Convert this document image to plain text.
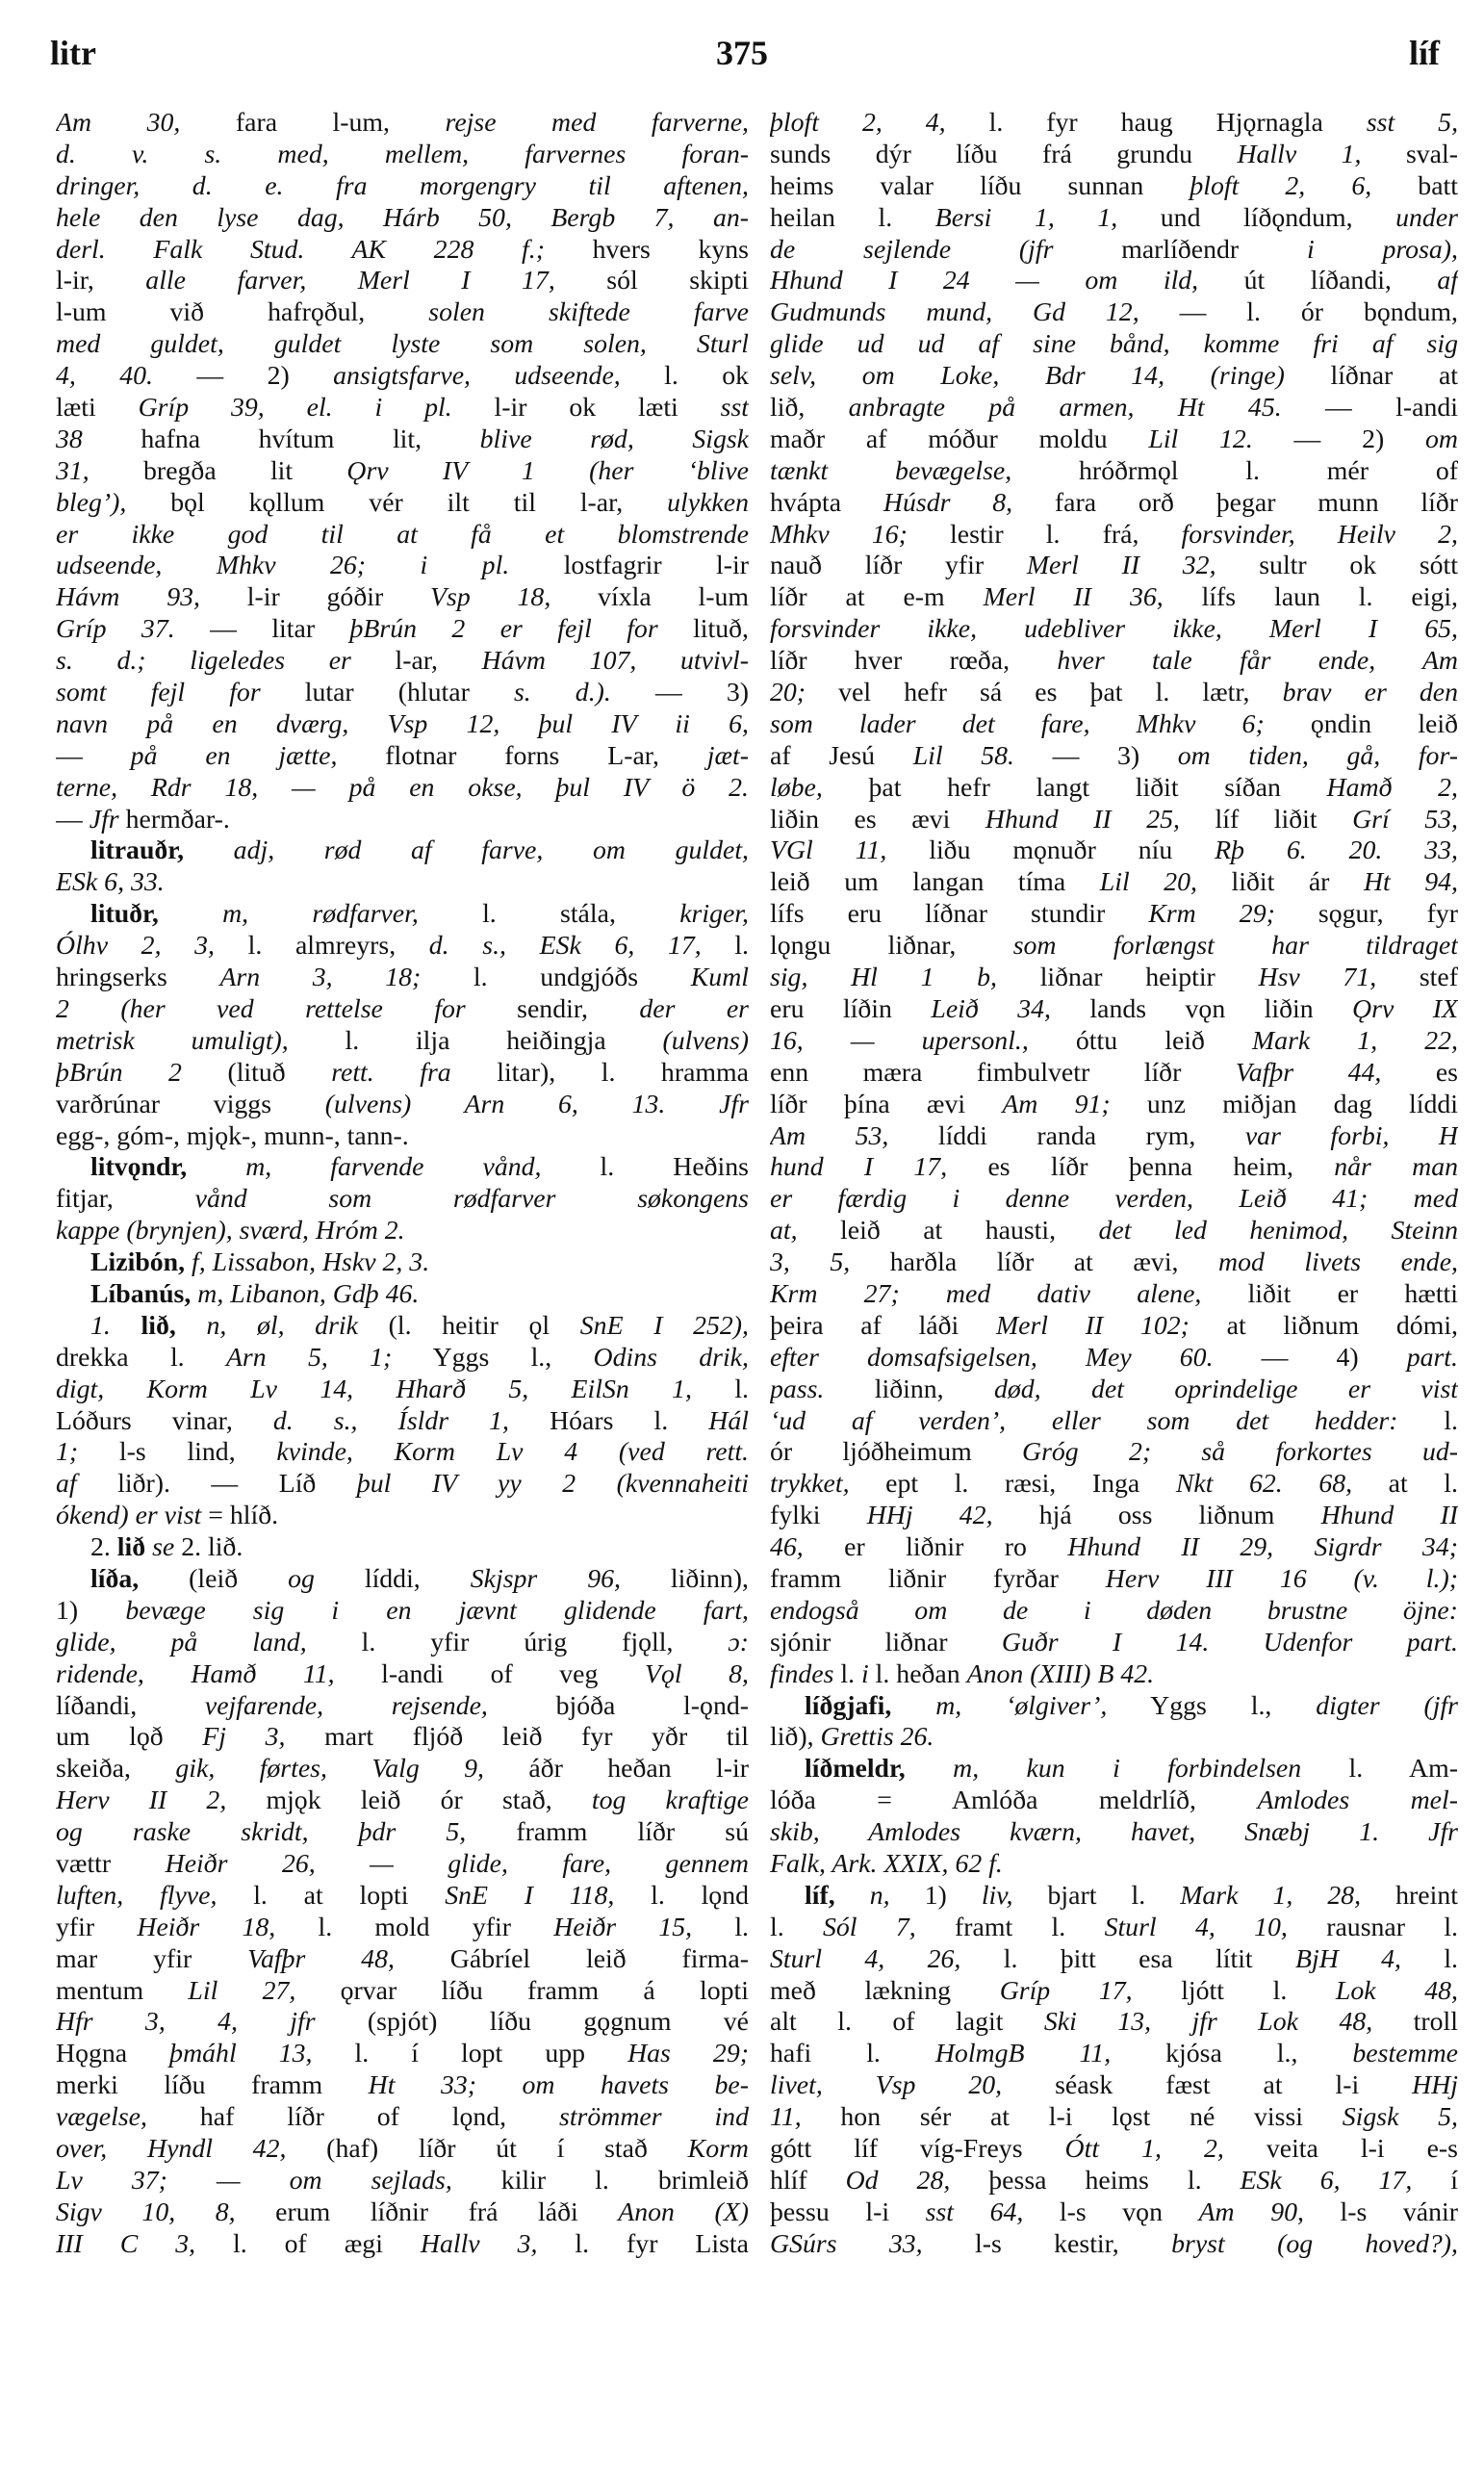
litr	375	líf
Am 30, fara l-um, rejse med farverne,
d. v. s. med, mellem, farvernes foran-
dringer, d. e. fra morgengry til aftenen,
hele den lyse dag, Hárb 50, Bergb 7, an-
derl. Falk Stud. AK 228 f.; hvers kyns
l-ir, alle farver, Merl I 17, sól skipti
l-um við hafrǫðul, solen skiftede farve
med guldet, guldet lyste som solen, Sturl
4, 40. — 2) ansigtsfarve, udseende, l. ok
læti Gríp 39, el. i pl. l-ir ok læti sst
38 hafna hvítum lit, blive rød, Sigsk
31, bregða lit Ǫrv IV 1 (her ‘blive
bleg’), bǫl kǫllum vér ilt til l-ar, ulykken
er ikke god til at få et blomstrende
udseende, Mhkv 26; i pl. lostfagrir l-ir
Hávm 93, l-ir góðir Vsp 18, víxla l-um
Gríp 37. — litar þBrún 2 er fejl for lituð,
s. d.; ligeledes er l-ar, Hávm 107, utvivl-
somt fejl for lutar (hlutar s. d.). — 3)
navn på en dværg, Vsp 12, þul IV ii 6,
— på en jætte, flotnar forns L-ar, jæt-
terne, Rdr 18, — på en okse, þul IV ö 2.
— Jfr hermðar-.
litrauðr, adj, rød af farve, om guldet,
ESk 6, 33.
lituðr, m, rødfarver, l. stála, kriger,
Ólhv 2, 3, l. almreyrs, d. s., ESk 6, 17, l.
hringserks Arn 3, 18; l. undgjóðs Kuml
2 (her ved rettelse for sendir, der er
metrisk umuligt), l. ilja heiðingja (ulvens)
þBrún 2 (lituð rett. fra litar), l. hramma
varðrúnar viggs (ulvens) Arn 6, 13. Jfr
egg-, góm-, mjǫk-, munn-, tann-.
litvǫndr, m, farvende vånd, l. Heðins
fitjar, vånd som rødfarver søkongens
kappe (brynjen), sværd, Hróm 2.
Lizibón, f, Lissabon, Hskv 2, 3.
Líbanús, m, Libanon, Gdþ 46.
1. lið, n, øl, drik (l. heitir ǫl SnE I 252),
drekka l. Arn 5, 1; Yggs l., Odins drik,
digt, Korm Lv 14, Hharð 5, EilSn 1, l.
Lóðurs vinar, d. s., Ísldr 1, Hóars l. Hál
1; l-s lind, kvinde, Korm Lv 4 (ved rett.
af liðr). — Líð þul IV yy 2 (kvennaheiti
ókend) er vist = hlíð.
2. lið se 2. lið.
líða, (leið og líddi, Skjspr 96, liðinn),
1) bevæge sig i en jævnt glidende fart,
glide, på land, l. yfir úrig fjǫll, ɔ:
ridende, Hamð 11, l-andi of veg Vǫl 8,
líðandi, vejfarende, rejsende, bjóða l-ǫnd-
um lǫð Fj 3, mart fljóð leið fyr yðr til
skeiða, gik, førtes, Valg 9, áðr heðan l-ir
Herv II 2, mjǫk leið ór stað, tog kraftige
og raske skridt, þdr 5, framm líðr sú
vættr Heiðr 26, — glide, fare, gennem
luften, flyve, l. at lopti SnE I 118, l. lǫnd
yfir Heiðr 18, l. mold yfir Heiðr 15, l.
mar yfir Vafþr 48, Gábríel leið firma-
mentum Lil 27, ǫrvar líðu framm á lopti
Hfr 3, 4, jfr (spjót) líðu gǫgnum vé
Hǫgna þmáhl 13, l. í lopt upp Has 29;
merki líðu framm Ht 33; om havets be-
vægelse, haf líðr of lǫnd, strömmer ind
over, Hyndl 42, (haf) líðr út í stað Korm
Lv 37; — om sejlads, kilir l. brimleið
Sigv 10, 8, erum líðnir frá láði Anon (X)
III C 3, l. of ægi Hallv 3, l. fyr Lista
þloft 2, 4, l. fyr haug Hjǫrnagla sst 5,
sunds dýr líðu frá grundu Hallv 1, sval-
heims valar líðu sunnan þloft 2, 6, batt
heilan l. Bersi 1, 1, und líðǫndum, under
de sejlende (jfr marlíðendr i prosa),
Hhund I 24 — om ild, út líðandi, af
Gudmunds mund, Gd 12, — l. ór bǫndum,
glide ud ud af sine bånd, komme fri af sig
selv, om Loke, Bdr 14, (ringe) líðnar at
lið, anbragte på armen, Ht 45. — l-andi
maðr af móður moldu Lil 12. — 2) om
tænkt bevægelse, hróðrmǫl l. mér of
hvápta Húsdr 8, fara orð þegar munn líðr
Mhkv 16; lestir l. frá, forsvinder, Heilv 2,
nauð líðr yfir Merl II 32, sultr ok sótt
líðr at e-m Merl II 36, lífs laun l. eigi,
forsvinder ikke, udebliver ikke, Merl I 65,
líðr hver rœða, hver tale får ende, Am
20; vel hefr sá es þat l. lætr, brav er den
som lader det fare, Mhkv 6; ǫndin leið
af Jesú Lil 58. — 3) om tiden, gå, for-
løbe, þat hefr langt liðit síðan Hamð 2,
liðin es ævi Hhund II 25, líf liðit Grí 53,
VGl 11, liðu mǫnuðr níu Rþ 6. 20. 33,
leið um langan tíma Lil 20, liðit ár Ht 94,
lífs eru líðnar stundir Krm 29; sǫgur, fyr
lǫngu liðnar, som forlængst har tildraget
sig, Hl 1 b, liðnar heiptir Hsv 71, stef
eru líðin Leið 34, lands vǫn liðin Ǫrv IX
16, — upersonl., óttu leið Mark 1, 22,
enn mæra fimbulvetr líðr Vafþr 44, es
líðr þína ævi Am 91; unz miðjan dag líddi
Am 53, líddi randa rym, var forbi, H
hund I 17, es líðr þenna heim, når man
er færdig i denne verden, Leið 41; med
at, leið at hausti, det led henimod, Steinn
3, 5, harðla líðr at ævi, mod livets ende,
Krm 27; med dativ alene, liðit er hætti
þeira af láði Merl II 102; at liðnum dómi,
efter domsafsigelsen, Mey 60. — 4) part.
pass. liðinn, død, det oprindelige er vist
‘ud af verden’, eller som det hedder: l.
ór ljóðheimum Gróg 2; så forkortes ud-
trykket, ept l. ræsi, Inga Nkt 62. 68, at l.
fylki HHj 42, hjá oss liðnum Hhund II
46, er liðnir ro Hhund II 29, Sigrdr 34;
framm liðnir fyrðar Herv III 16 (v. l.);
endogså om de i døden brustne öjne:
sjónir liðnar Guðr I 14. Udenfor part.
findes l. i l. heðan Anon (XIII) B 42.
líðgjafi, m, ‘ølgiver’, Yggs l., digter (jfr
lið), Grettis 26.
líðmeldr, m, kun i forbindelsen l. Am-
lóða = Amlóða meldrlíð, Amlodes mel-
skib, Amlodes kværn, havet, Snæbj 1. Jfr
Falk, Ark. XXIX, 62 f.
líf, n, 1) liv, bjart l. Mark 1, 28, hreint
l. Sól 7, framt l. Sturl 4, 10, rausnar l.
Sturl 4, 26, l. þitt esa lítit BjH 4, l.
með lækning Gríp 17, ljótt l. Lok 48,
alt l. of lagit Ski 13, jfr Lok 48, troll
hafi l. HolmgB 11, kjósa l., bestemme
livet, Vsp 20, séask fæst at l-i HHj
11, hon sér at l-i lǫst né vissi Sigsk 5,
gótt líf víg-Freys Ótt 1, 2, veita l-i e-s
hlíf Od 28, þessa heims l. ESk 6, 17, í
þessu l-i sst 64, l-s vǫn Am 90, l-s vánir
GSúrs 33, l-s kestir, bryst (og hoved?),
